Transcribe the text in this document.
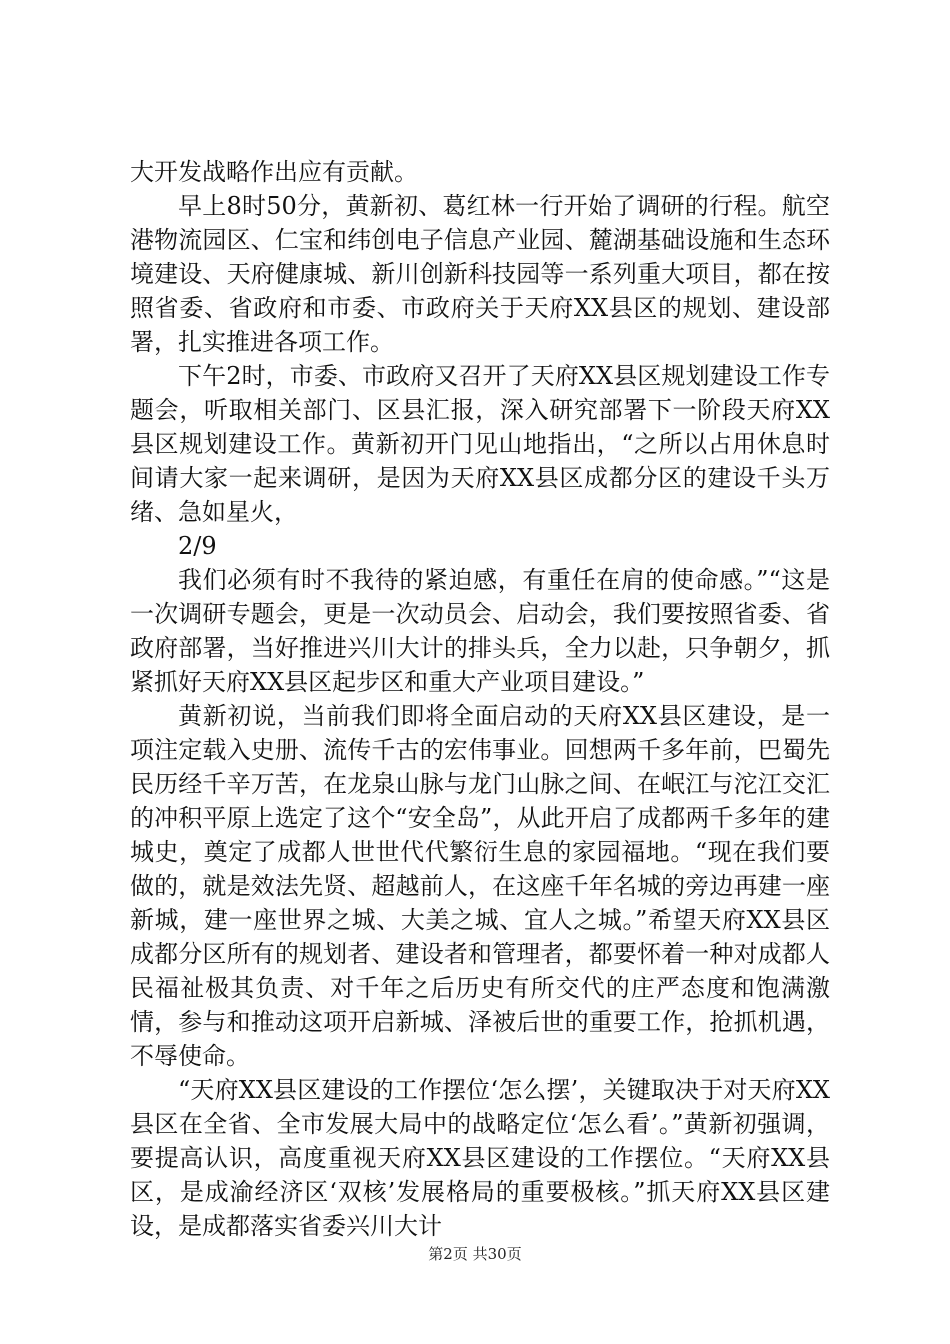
大开发战略作出应有贡献。

早上8时50分，黄新初、葛红林一行开始了调研的行程。航空港物流园区、仁宝和纬创电子信息产业园、麓湖基础设施和生态环境建设、天府健康城、新川创新科技园等一系列重大项目，都在按照省委、省政府和市委、市政府关于天府XX县区的规划、建设部署，扎实推进各项工作。

下午2时，市委、市政府又召开了天府XX县区规划建设工作专题会，听取相关部门、区县汇报，深入研究部署下一阶段天府XX县区规划建设工作。黄新初开门见山地指出，“之所以占用休息时间请大家一起来调研，是因为天府XX县区成都分区的建设千头万绪、急如星火，

2/9

我们必须有时不我待的紧迫感，有重任在肩的使命感。”“这是一次调研专题会，更是一次动员会、启动会，我们要按照省委、省政府部署，当好推进兴川大计的排头兵，全力以赴，只争朝夕，抓紧抓好天府XX县区起步区和重大产业项目建设。”

黄新初说，当前我们即将全面启动的天府XX县区建设，是一项注定载入史册、流传千古的宏伟事业。回想两千多年前，巴蜀先民历经千辛万苦，在龙泉山脉与龙门山脉之间、在岷江与沱江交汇的冲积平原上选定了这个“安全岛”，从此开启了成都两千多年的建城史，奠定了成都人世世代代繁衍生息的家园福地。“现在我们要做的，就是效法先贤、超越前人，在这座千年名城的旁边再建一座新城，建一座世界之城、大美之城、宜人之城。”希望天府XX县区成都分区所有的规划者、建设者和管理者，都要怀着一种对成都人民福祉极其负责、对千年之后历史有所交代的庄严态度和饱满激情，参与和推动这项开启新城、泽被后世的重要工作，抢抓机遇，不辱使命。

“天府XX县区建设的工作摆位‘怎么摆’，关键取决于对天府XX县区在全省、全市发展大局中的战略定位‘怎么看’。”黄新初强调，要提高认识，高度重视天府XX县区建设的工作摆位。“天府XX县区，是成渝经济区‘双核’发展格局的重要极核。”抓天府XX县区建设，是成都落实省委兴川大计

第2页 共30页
